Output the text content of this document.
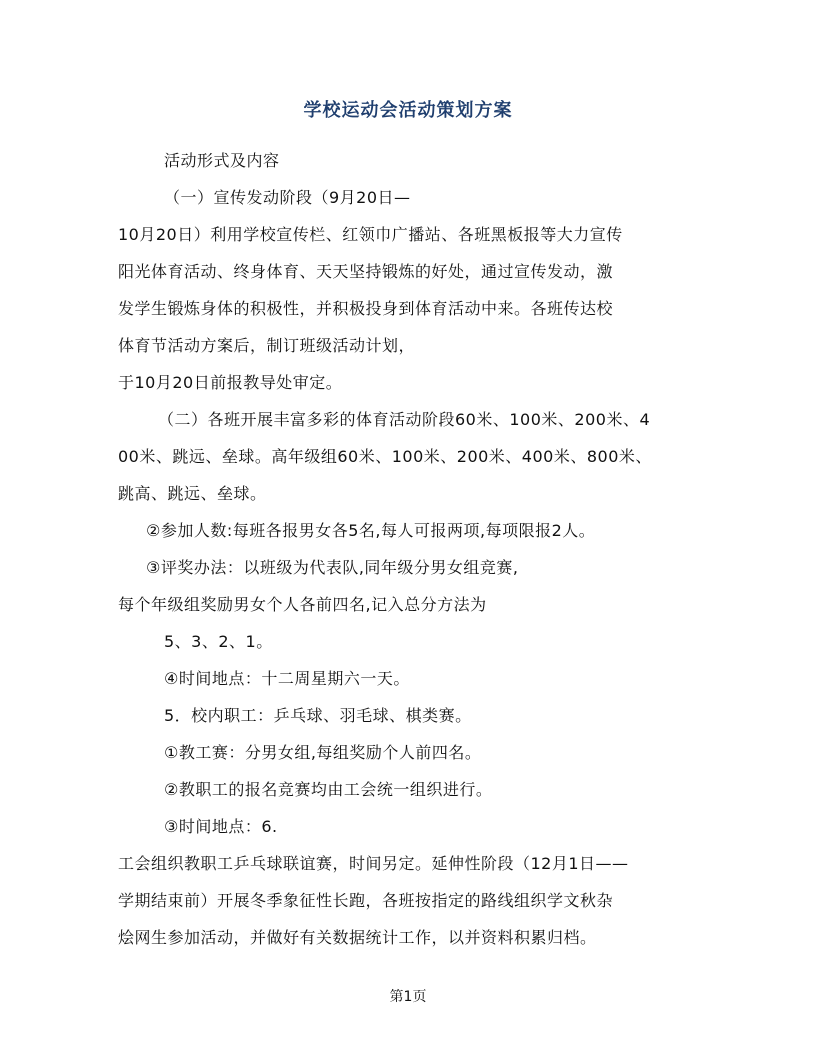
学校运动会活动策划方案
活动形式及内容
（一）宣传发动阶段（9月20日—
10月20日）利用学校宣传栏、红领巾广播站、各班黑板报等大力宣传
阳光体育活动、终身体育、天天坚持锻炼的好处，通过宣传发动，激
发学生锻炼身体的积极性，并积极投身到体育活动中来。各班传达校
体育节活动方案后，制订班级活动计划，
于10月20日前报教导处审定。
（二）各班开展丰富多彩的体育活动阶段60米、100米、200米、4
00米、跳远、垒球。高年级组60米、100米、200米、400米、800米、
跳高、跳远、垒球。
②参加人数:每班各报男女各5名,每人可报两项,每项限报2人。
③评奖办法：以班级为代表队,同年级分男女组竞赛,
每个年级组奖励男女个人各前四名,记入总分方法为
5、3、2、1。
④时间地点：十二周星期六一天。
5．校内职工：乒乓球、羽毛球、棋类赛。
①教工赛：分男女组,每组奖励个人前四名。
②教职工的报名竞赛均由工会统一组织进行。
③时间地点：6.
工会组织教职工乒乓球联谊赛，时间另定。延伸性阶段（12月1日——
学期结束前）开展冬季象征性长跑，各班按指定的路线组织学文秋杂
烩网生参加活动，并做好有关数据统计工作，以并资料积累归档。
第1页
